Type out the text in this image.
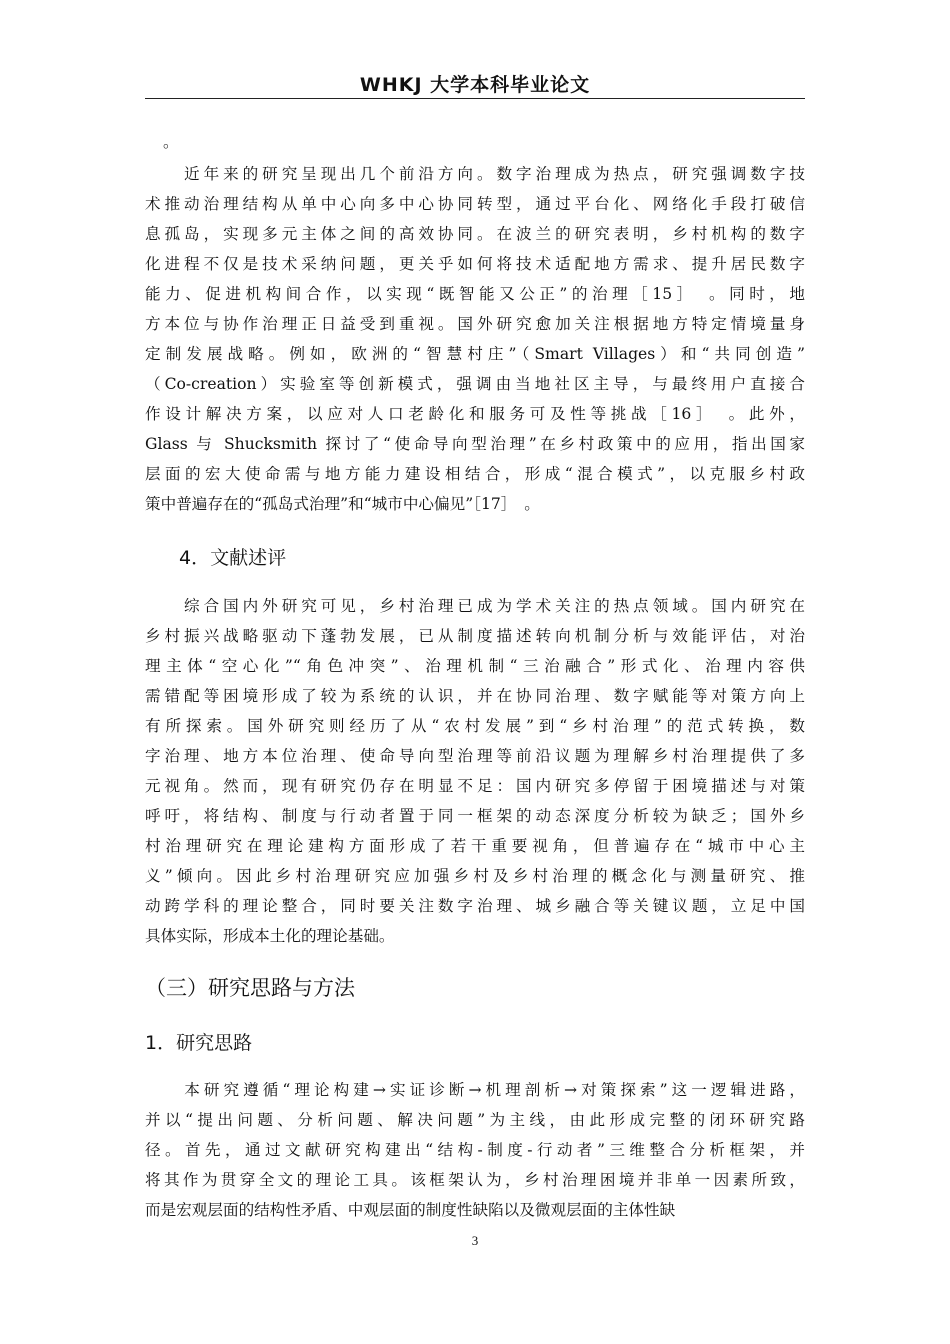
WHKJ 大学本科毕业论文
。
　　近年来的研究呈现出几个前沿方向。数字治理成为热点，研究强调数字技
术推动治理结构从单中心向多中心协同转型，通过平台化、网络化手段打破信
息孤岛，实现多元主体之间的高效协同。在波兰的研究表明，乡村机构的数字
化进程不仅是技术采纳问题，更关乎如何将技术适配地方需求、提升居民数字
能力、促进机构间合作，以实现“既智能又公正”的治理［15］　。同时，地
方本位与协作治理正日益受到重视。国外研究愈加关注根据地方特定情境量身
定制发展战略。例如，欧洲的“智慧村庄”（Smart Villages）和“共同创造”
（Co-creation）实验室等创新模式，强调由当地社区主导，与最终用户直接合
作设计解决方案，以应对人口老龄化和服务可及性等挑战［16］　。此外，
Glass 与 Shucksmith 探讨了“使命导向型治理”在乡村政策中的应用，指出国家
层面的宏大使命需与地方能力建设相结合，形成“混合模式”，以克服乡村政
策中普遍存在的“孤岛式治理”和“城市中心偏见”［17］　。
4．文献述评
　　综合国内外研究可见，乡村治理已成为学术关注的热点领域。国内研究在
乡村振兴战略驱动下蓬勃发展，已从制度描述转向机制分析与效能评估，对治
理主体“空心化”“角色冲突”、治理机制“三治融合”形式化、治理内容供
需错配等困境形成了较为系统的认识，并在协同治理、数字赋能等对策方向上
有所探索。国外研究则经历了从“农村发展”到“乡村治理”的范式转换，数
字治理、地方本位治理、使命导向型治理等前沿议题为理解乡村治理提供了多
元视角。然而，现有研究仍存在明显不足：国内研究多停留于困境描述与对策
呼吁，将结构、制度与行动者置于同一框架的动态深度分析较为缺乏；国外乡
村治理研究在理论建构方面形成了若干重要视角，但普遍存在“城市中心主
义”倾向。因此乡村治理研究应加强乡村及乡村治理的概念化与测量研究、推
动跨学科的理论整合，同时要关注数字治理、城乡融合等关键议题，立足中国
具体实际，形成本土化的理论基础。
（三）研究思路与方法
1．研究思路
　　本研究遵循“理论构建→实证诊断→机理剖析→对策探索”这一逻辑进路，
并以“提出问题、分析问题、解决问题”为主线，由此形成完整的闭环研究路
径。首先，通过文献研究构建出“结构-制度-行动者”三维整合分析框架，并
将其作为贯穿全文的理论工具。该框架认为，乡村治理困境并非单一因素所致，
而是宏观层面的结构性矛盾、中观层面的制度性缺陷以及微观层面的主体性缺
3
